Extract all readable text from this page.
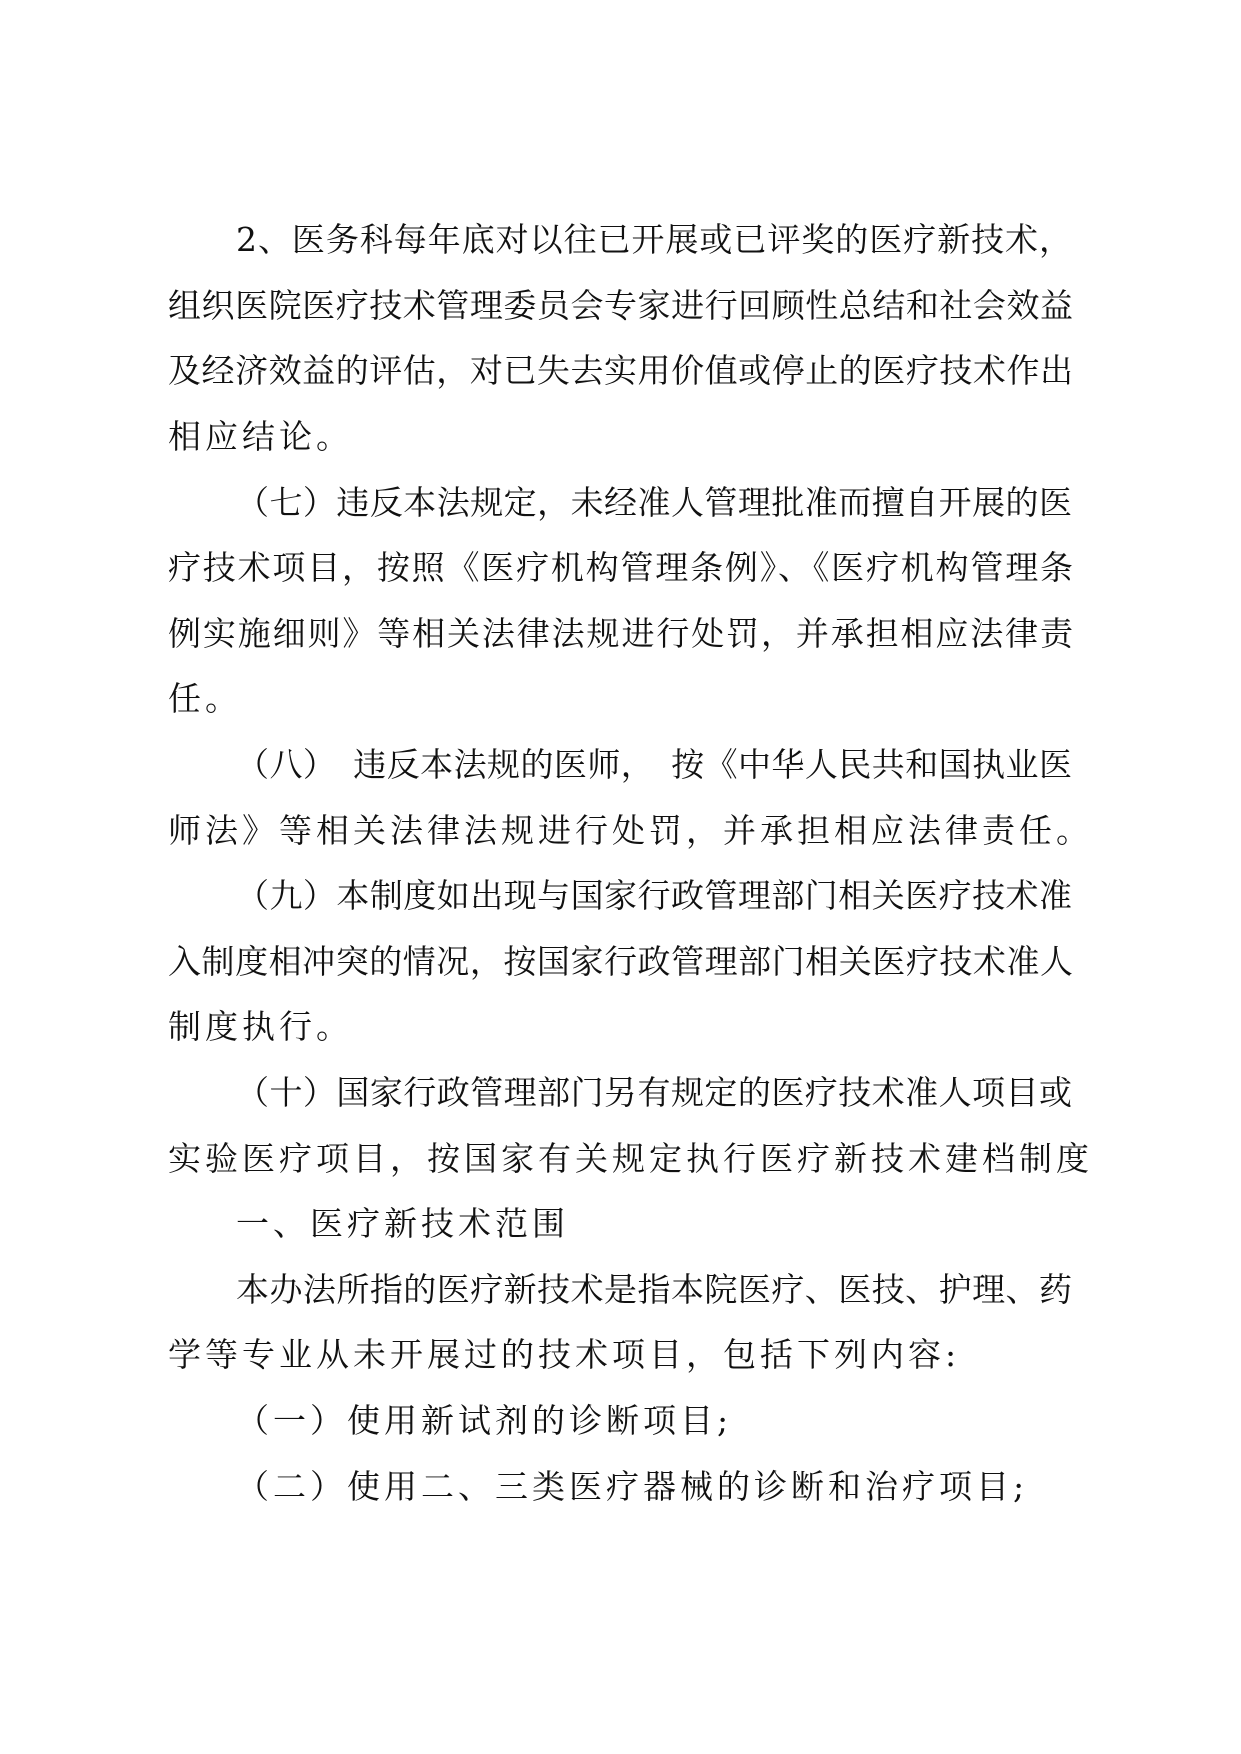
2、医务科每年底对以往已开展或已评奖的医疗新技术，
组织医院医疗技术管理委员会专家进行回顾性总结和社会效益
及经济效益的评估，对已失去实用价值或停止的医疗技术作出
相应结论。
（七）违反本法规定，未经准人管理批准而擅自开展的医
疗技术项目，按照《医疗机构管理条例》、《医疗机构管理条
例实施细则》等相关法律法规进行处罚，并承担相应法律责
任。
（八）　违反本法规的医师，　按《中华人民共和国执业医
师法》等相关法律法规进行处罚，并承担相应法律责任。
（九）本制度如出现与国家行政管理部门相关医疗技术准
入制度相冲突的情况，按国家行政管理部门相关医疗技术准人
制度执行。
（十）国家行政管理部门另有规定的医疗技术准人项目或
实验医疗项目，按国家有关规定执行医疗新技术建档制度
一、医疗新技术范围
本办法所指的医疗新技术是指本院医疗、医技、护理、药
学等专业从未开展过的技术项目，包括下列内容:
（一）使用新试剂的诊断项目;
（二）使用二、三类医疗器械的诊断和治疗项目;
